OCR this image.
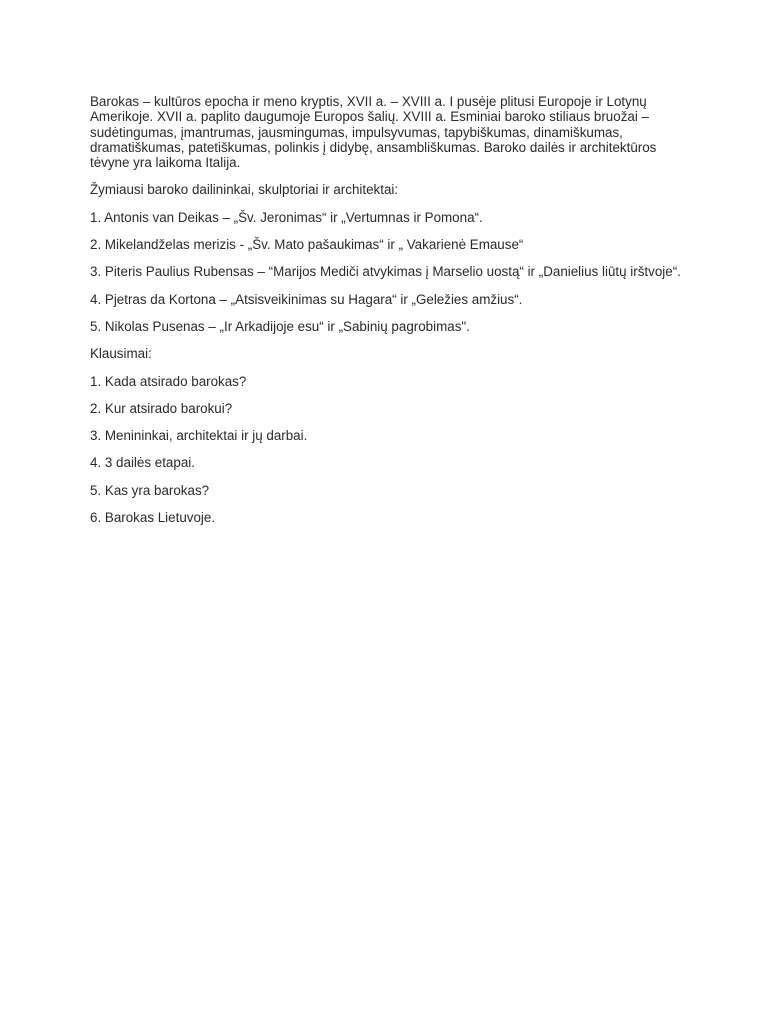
Barokas – kultūros epocha ir meno kryptis, XVII a. – XVIII a. I pusėje plitusi Europoje ir Lotynų Amerikoje. XVII a. paplito daugumoje Europos šalių. XVIII a. Esminiai baroko stiliaus bruožai – sudėtingumas, įmantrumas, jausmingumas, impulsyvumas, tapybiškumas, dinamiškumas, dramatiškumas, patetiškumas, polinkis į didybę, ansambliškumas. Baroko dailės ir architektūros tėvyne yra laikoma Italija.

Žymiausi baroko dailininkai, skulptoriai ir architektai:

1. Antonis van Deikas – „Šv. Jeronimas“ ir „Vertumnas ir Pomona“.

2. Mikelandželas merizis - „Šv. Mato pašaukimas“ ir „ Vakarienė Emause“

3. Piteris Paulius Rubensas – “Marijos Mediči atvykimas į Marselio uostą“ ir „Danielius liūtų irštvoje“.

4. Pjetras da Kortona – „Atsisveikinimas su Hagara“ ir „Geležies amžius“.

5. Nikolas Pusenas – „Ir Arkadijoje esu“ ir „Sabinių pagrobimas".

Klausimai:

1. Kada atsirado barokas?

2. Kur atsirado barokui?

3. Menininkai, architektai ir jų darbai.

4. 3 dailės etapai.

5. Kas yra barokas?

6. Barokas Lietuvoje.
